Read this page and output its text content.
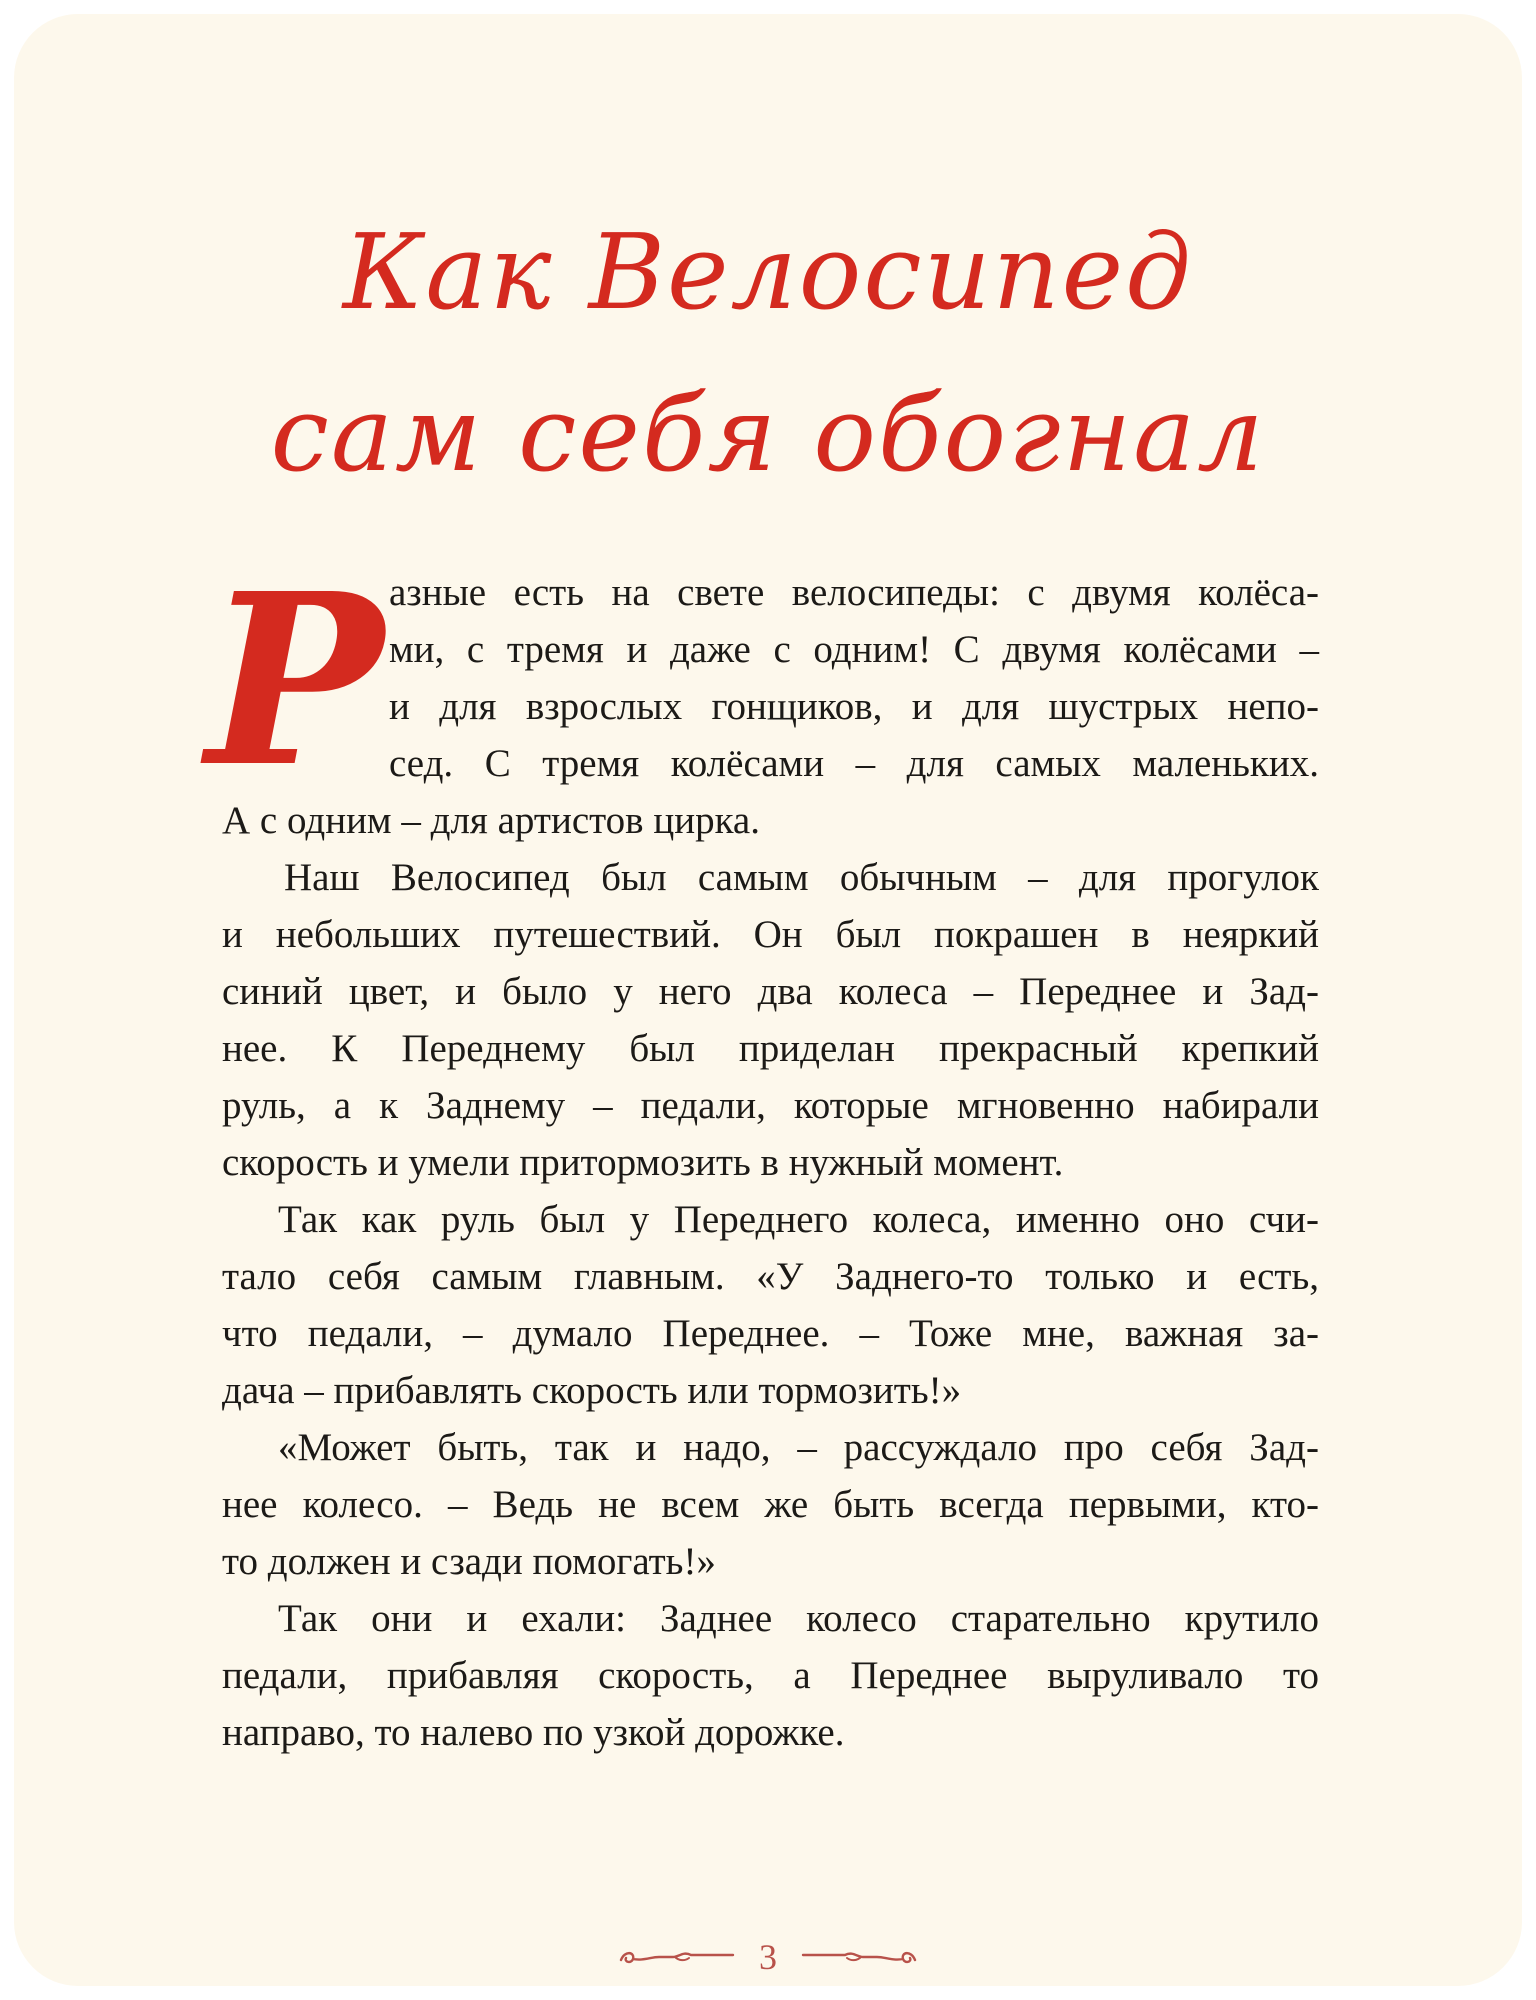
Как Велосипед
сам себя обогнал
Р азные есть на свете велосипеды: с двумя колёса-
ми, с тремя и даже с одним! С двумя колёсами –
и для взрослых гонщиков, и для шустрых непо-
сед. С тремя колёсами – для самых маленьких.
А с одним – для артистов цирка.
Наш Велосипед был самым обычным – для прогулок
и небольших путешествий. Он был покрашен в неяркий
синий цвет, и было у него два колеса – Переднее и Зад-
нее. К Переднему был приделан прекрасный крепкий
руль, а к Заднему – педали, которые мгновенно набирали
скорость и умели притормозить в нужный момент.
Так как руль был у Переднего колеса, именно оно счи-
тало себя самым главным. «У Заднего-то только и есть,
что педали, – думало Переднее. – Тоже мне, важная за-
дача – прибавлять скорость или тормозить!»
«Может быть, так и надо, – рассуждало про себя Зад-
нее колесо. – Ведь не всем же быть всегда первыми, кто-
то должен и сзади помогать!»
Так они и ехали: Заднее колесо старательно крутило
педали, прибавляя скорость, а Переднее выруливало то
направо, то налево по узкой дорожке.
3
